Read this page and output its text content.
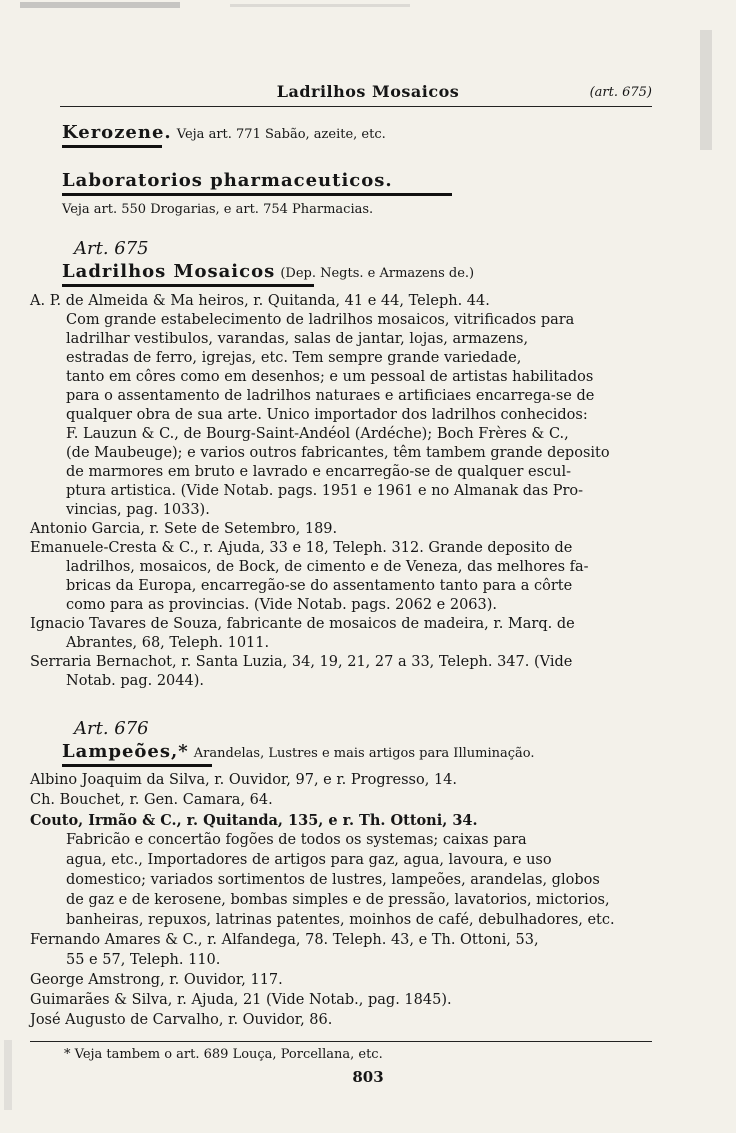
Ladrilhos Mosaicos	(art. 675)
Kerozene. Veja art. 771 Sabão, azeite, etc.
Laboratorios pharmaceuticos.
Veja art. 550 Drogarias, e art. 754 Pharmacias.
Art. 675
Ladrilhos Mosaicos (Dep. Negts. e Armazens de.)
A. P. de Almeida & Ma heiros, r. Quitanda, 41 e 44, Teleph. 44.
Com grande estabelecimento de ladrilhos mosaicos, vitrificados para
ladrilhar vestibulos, varandas, salas de jantar, lojas, armazens,
estradas de ferro, igrejas, etc. Tem sempre grande variedade,
tanto em côres como em desenhos; e um pessoal de artistas habilitados
para o assentamento de ladrilhos naturaes e artificiaes encarrega-se de
qualquer obra de sua arte. Unico importador dos ladrilhos conhecidos:
F. Lauzun & C., de Bourg-Saint-Andéol (Ardéche); Boch Frères & C.,
(de Maubeuge); e varios outros fabricantes, têm tambem grande deposito
de marmores em bruto e lavrado e encarregão-se de qualquer escul-
ptura artistica. (Vide Notab. pags. 1951 e 1961 e no Almanak das Pro-
vincias, pag. 1033).
Antonio Garcia, r. Sete de Setembro, 189.
Emanuele-Cresta & C., r. Ajuda, 33 e 18, Teleph. 312. Grande deposito de
ladrilhos, mosaicos, de Bock, de cimento e de Veneza, das melhores fa-
bricas da Europa, encarregão-se do assentamento tanto para a côrte
como para as provincias. (Vide Notab. pags. 2062 e 2063).
Ignacio Tavares de Souza, fabricante de mosaicos de madeira, r. Marq. de
Abrantes, 68, Teleph. 1011.
Serraria Bernachot, r. Santa Luzia, 34, 19, 21, 27 a 33, Teleph. 347. (Vide
Notab. pag. 2044).
Art. 676
Lampeões,* Arandelas, Lustres e mais artigos para Illuminação.
Albino Joaquim da Silva, r. Ouvidor, 97, e r. Progresso, 14.
Ch. Bouchet, r. Gen. Camara, 64.
Couto, Irmão & C., r. Quitanda, 135, e r. Th. Ottoni, 34.
Fabricão e concertão fogões de todos os systemas; caixas para
agua, etc., Importadores de artigos para gaz, agua, lavoura, e uso
domestico; variados sortimentos de lustres, lampeões, arandelas, globos
de gaz e de kerosene, bombas simples e de pressão, lavatorios, mictorios,
banheiras, repuxos, latrinas patentes, moinhos de café, debulhadores, etc.
Fernando Amares & C., r. Alfandega, 78. Teleph. 43, e Th. Ottoni, 53,
55 e 57, Teleph. 110.
George Amstrong, r. Ouvidor, 117.
Guimarães & Silva, r. Ajuda, 21 (Vide Notab., pag. 1845).
José Augusto de Carvalho, r. Ouvidor, 86.
* Veja tambem o art. 689 Louça, Porcellana, etc.
803
